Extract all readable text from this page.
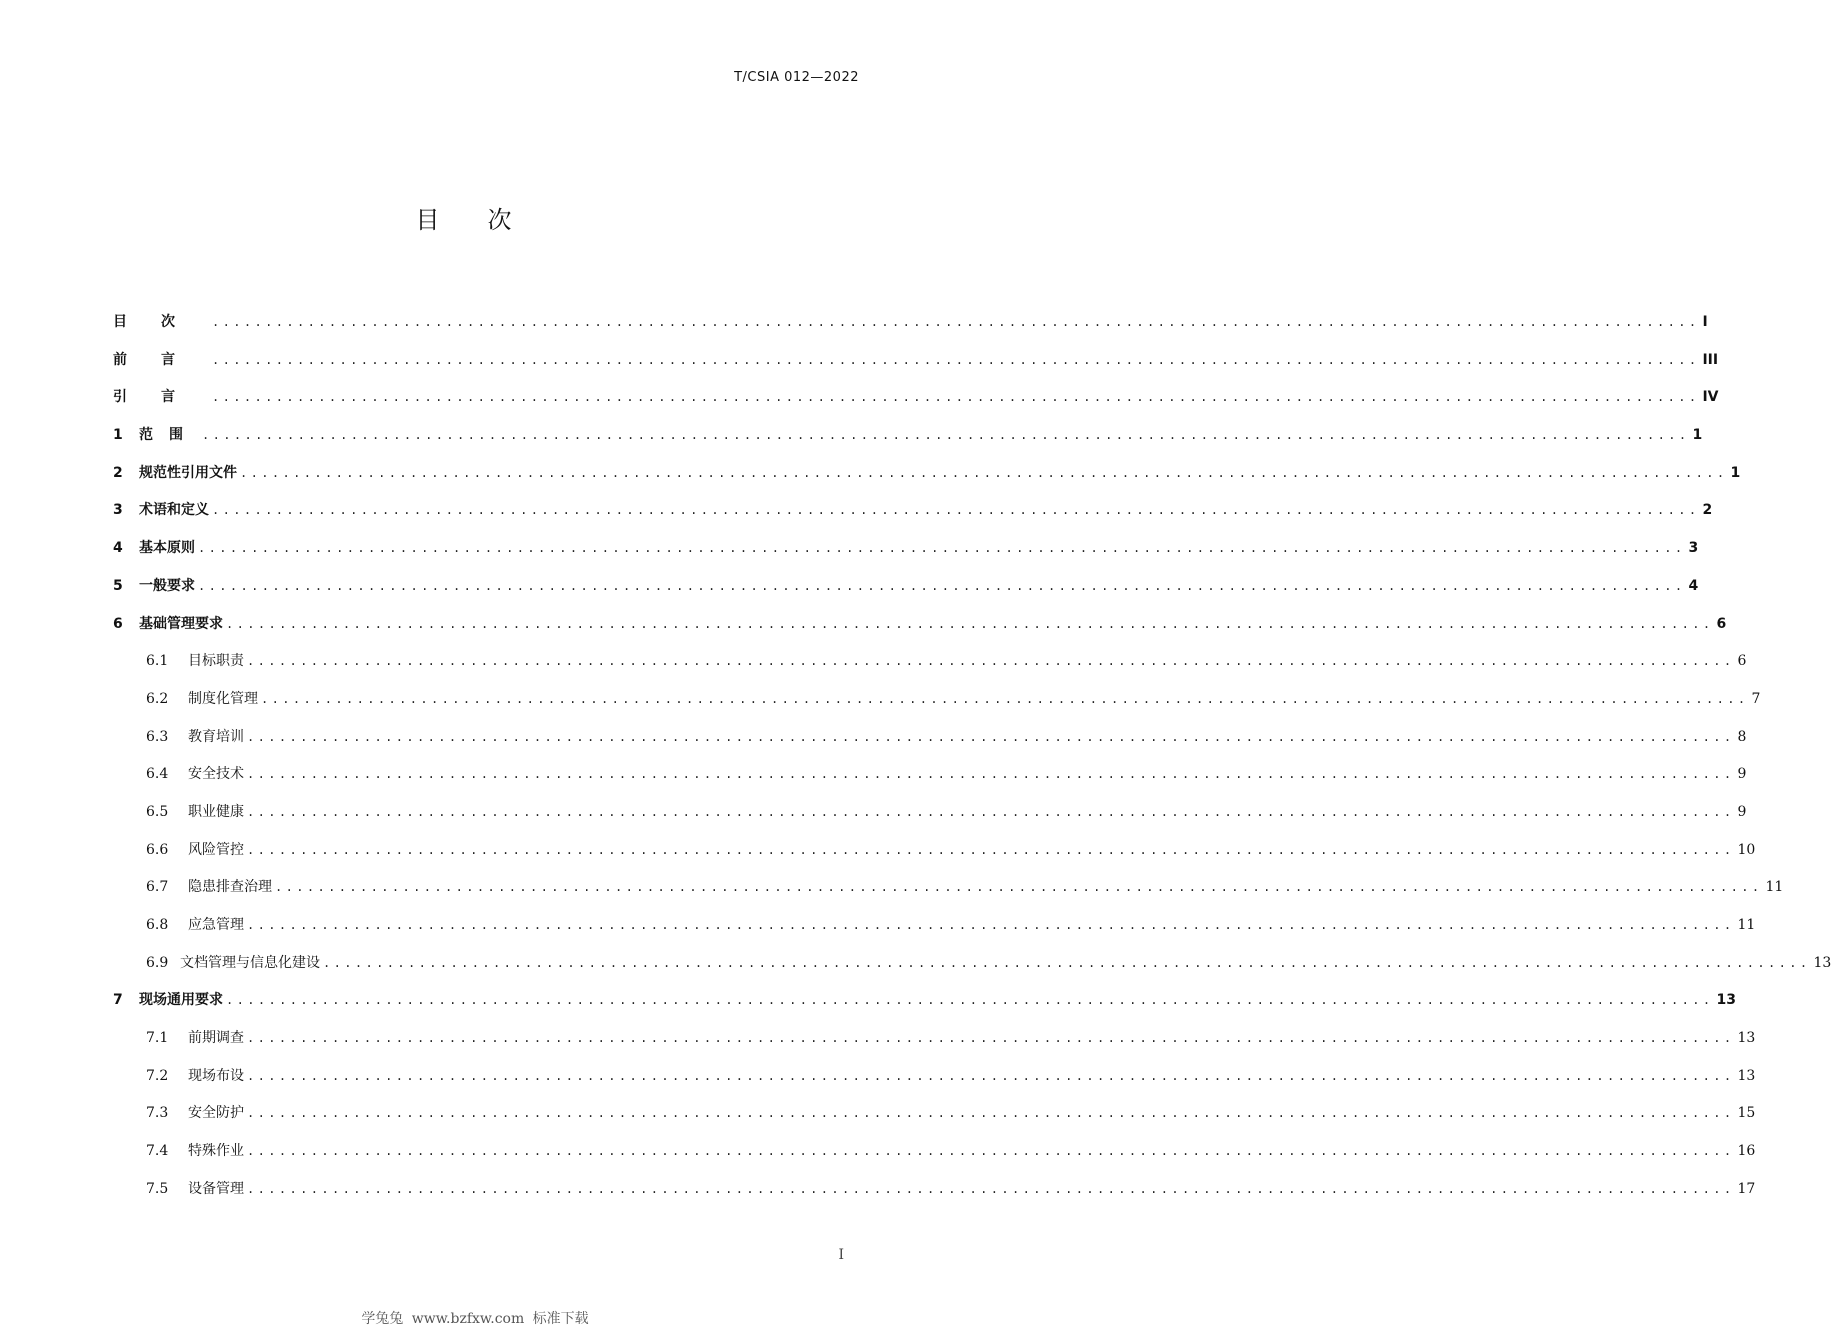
T/CSIA 012—2022
目次
目次 ............................................................................................................................................ I
前言 ............................................................................................................................................ III
引言 ............................................................................................................................................ IV
1	范围 ............................................................................................................................................ 1
2	规范性引用文件 ............................................................................................................................................ 1
3	术语和定义 ............................................................................................................................................ 2
4	基本原则 ............................................................................................................................................ 3
5	一般要求 ............................................................................................................................................ 4
6	基础管理要求 ............................................................................................................................................ 6
6.1	目标职责 ............................................................................................................................................ 6
6.2	制度化管理 ............................................................................................................................................ 7
6.3	教育培训 ............................................................................................................................................ 8
6.4	安全技术 ............................................................................................................................................ 9
6.5	职业健康 ............................................................................................................................................ 9
6.6	风险管控 ............................................................................................................................................ 10
6.7	隐患排查治理 ............................................................................................................................................ 11
6.8	应急管理 ............................................................................................................................................ 11
6.9 文档管理与信息化建设 ............................................................................................................................................ 13
7	现场通用要求 ............................................................................................................................................ 13
7.1	前期调查 ............................................................................................................................................ 13
7.2	现场布设 ............................................................................................................................................ 13
7.3	安全防护 ............................................................................................................................................ 15
7.4	特殊作业 ............................................................................................................................................ 16
7.5	设备管理 ............................................................................................................................................ 17
I
学兔兔 www.bzfxw.com 标准下载
